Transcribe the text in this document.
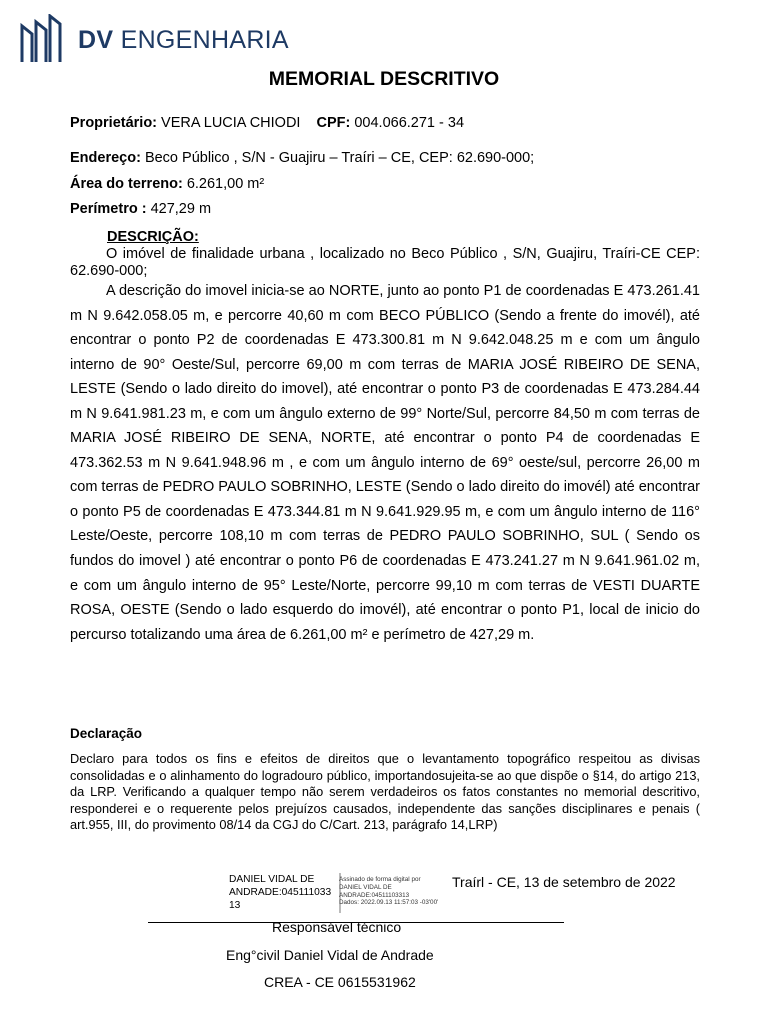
DV ENGENHARIA
MEMORIAL DESCRITIVO
Proprietário: VERA LUCIA CHIODI CPF: 004.066.271 - 34
Endereço: Beco Público , S/N - Guajiru – Traíri – CE, CEP: 62.690-000;
Área do terreno: 6.261,00 m²
Perímetro : 427,29 m
DESCRIÇÃO:
O imóvel de finalidade urbana , localizado no Beco Público , S/N, Guajiru, Traíri-CE CEP: 62.690-000;
A descrição do imovel inicia-se ao NORTE, junto ao ponto P1 de coordenadas E 473.261.41 m N 9.642.058.05 m, e percorre 40,60 m com BECO PÚBLICO (Sendo a frente do imovél), até encontrar o ponto P2 de coordenadas E 473.300.81 m N 9.642.048.25 m e com um ângulo interno de 90° Oeste/Sul, percorre 69,00 m com terras de MARIA JOSÉ RIBEIRO DE SENA, LESTE (Sendo o lado direito do imovel), até encontrar o ponto P3 de coordenadas E 473.284.44 m N 9.641.981.23 m, e com um ângulo externo de 99° Norte/Sul, percorre 84,50 m com terras de MARIA JOSÉ RIBEIRO DE SENA, NORTE, até encontrar o ponto P4 de coordenadas E 473.362.53 m N 9.641.948.96 m , e com um ângulo interno de 69° oeste/sul, percorre 26,00 m com terras de PEDRO PAULO SOBRINHO, LESTE (Sendo o lado direito do imovél) até encontrar o ponto P5 de coordenadas E 473.344.81 m N 9.641.929.95 m, e com um ângulo interno de 116° Leste/Oeste, percorre 108,10 m com terras de PEDRO PAULO SOBRINHO, SUL ( Sendo os fundos do imovel ) até encontrar o ponto P6 de coordenadas E 473.241.27 m N 9.641.961.02 m, e com um ângulo interno de 95° Leste/Norte, percorre 99,10 m com terras de VESTI DUARTE ROSA, OESTE (Sendo o lado esquerdo do imovél), até encontrar o ponto P1, local de inicio do percurso totalizando uma área de 6.261,00 m² e perímetro de 427,29 m.
Declaração
Declaro para todos os fins e efeitos de direitos que o levantamento topográfico respeitou as divisas consolidadas e o alinhamento do logradouro público, importandosujeita-se ao que dispõe o §14, do artigo 213, da LRP. Verificando a qualquer tempo não serem verdadeiros os fatos constantes no memorial descritivo, responderei e o requerente pelos prejuízos causados, independente das sanções disciplinares e penais ( art.955, III, do provimento 08/14 da CGJ do C/Cart. 213, parágrafo 14,LRP)
DANIEL VIDAL DE
ANDRADE:045111033
13
Assinado de forma digital por
DANIEL VIDAL DE
ANDRADE:04511103313
Dados: 2022.09.13 11:57:03 -03'00'
Traírl - CE, 13 de setembro de 2022
Responsável técnico
Eng°civil Daniel Vidal de Andrade
CREA - CE 0615531962
